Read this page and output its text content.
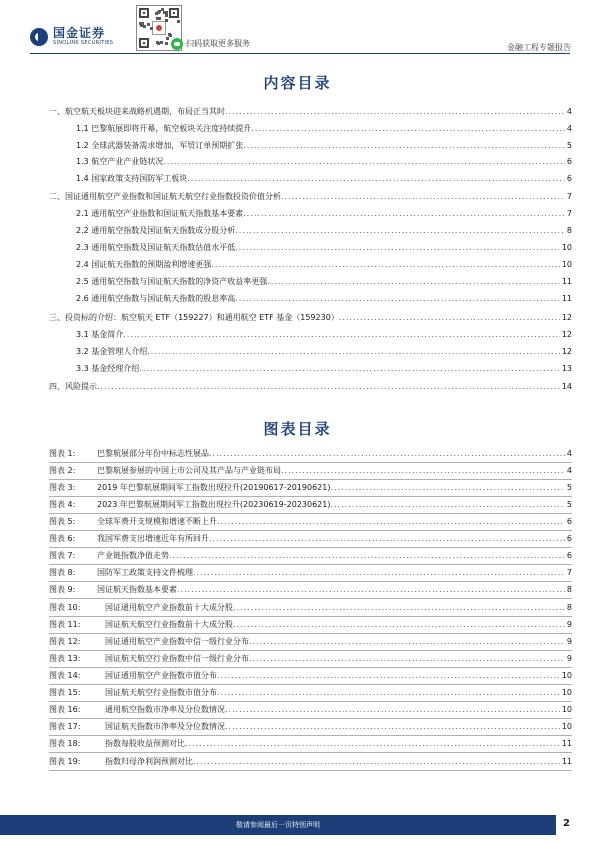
国金证券
SINOLINK SECURITIES	扫码获取更多服务	金融工程专题报告
内容目录
一、航空航天板块迎来战略机遇期，布局正当其时 .....	4
1.1 巴黎航展即将开幕，航空板块关注度持续提升 .....	4
1.2 全球武器装备需求增加，军贸订单预期扩张 .....	5
1.3 航空产业产业链状况 .....	6
1.4 国家政策支持国防军工板块 .....	6
二、国证通用航空产业指数和国证航天航空行业指数投资价值分析 .....	7
2.1 通用航空产业指数和国证航天指数基本要素 .....	7
2.2 通用航空指数及国证航天指数成分股分析 .....	8
2.3 通用航空指数及国证航天指数估值水平低 .....	10
2.4 国证航天指数的预期盈利增速更强 .....	10
2.5 通用航空指数与国证航天指数的净资产收益率更强 .....	11
2.6 通用航空指数与国证航天指数的股息率高 .....	11
三、投资标的介绍：航空航天 ETF（159227）和通用航空 ETF 基金（159230） .....	12
3.1 基金简介 .....	12
3.2 基金管理人介绍 .....	12
3.3 基金经理介绍 .....	13
四、风险提示 .....	14
图表目录
图表 1:	巴黎航展部分年份中标志性展品 .....	4
图表 2:	巴黎航展参展的中国上市公司及其产品与产业链布局 .....	4
图表 3:	2019 年巴黎航展期间军工指数出现拉升(20190617-20190621) .....	5
图表 4:	2023 年巴黎航展期间军工指数出现拉升(20230619-20230621) .....	5
图表 5:	全球军费开支规模和增速不断上升 .....	6
图表 6:	我国军费支出增速近年有所回升 .....	6
图表 7:	产业链指数净值走势 .....	6
图表 8:	国防军工政策支持文件梳理 .....	7
图表 9:	国证航天指数基本要素 .....	8
图表 10:	国证通用航空产业指数前十大成分股 .....	8
图表 11:	国证航天航空行业指数前十大成分股 .....	9
图表 12:	国证通用航空产业指数中信一级行业分布 .....	9
图表 13:	国证航天航空行业指数中信一级行业分布 .....	9
图表 14:	国证通用航空产业指数市值分布 .....	10
图表 15:	国证航天航空行业指数市值分布 .....	10
图表 16:	通用航空指数市净率及分位数情况 .....	10
图表 17:	国证航天指数市净率及分位数情况 .....	10
图表 18:	指数每股收益预测对比 .....	11
图表 19:	指数归母净利润预测对比 .....	11
敬请参阅最后一页特别声明	2
